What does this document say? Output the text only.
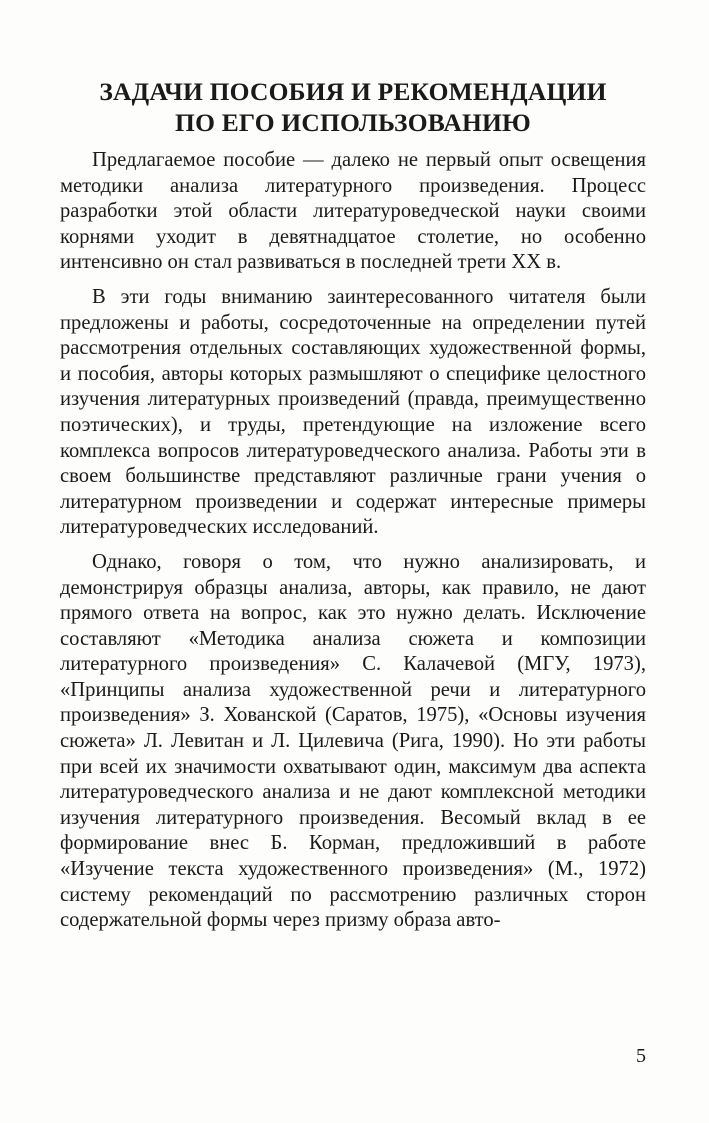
ЗАДАЧИ ПОСОБИЯ И РЕКОМЕНДАЦИИ
ПО ЕГО ИСПОЛЬЗОВАНИЮ

Предлагаемое пособие — далеко не первый опыт освещения методики анализа литературного произведения. Процесс разработки этой области литературоведческой науки своими корнями уходит в девятнадцатое столетие, но особенно интенсивно он стал развиваться в последней трети XX в.

В эти годы вниманию заинтересованного читателя были предложены и работы, сосредоточенные на определении путей рассмотрения отдельных составляющих художественной формы, и пособия, авторы которых размышляют о специфике целостного изучения литературных произведений (правда, преимущественно поэтических), и труды, претендующие на изложение всего комплекса вопросов литературоведческого анализа. Работы эти в своем большинстве представляют различные грани учения о литературном произведении и содержат интересные примеры литературоведческих исследований.

Однако, говоря о том, что нужно анализировать, и демонстрируя образцы анализа, авторы, как правило, не дают прямого ответа на вопрос, как это нужно делать. Исключение составляют «Методика анализа сюжета и композиции литературного произведения» С. Калачевой (МГУ, 1973), «Принципы анализа художественной речи и литературного произведения» З. Хованской (Саратов, 1975), «Основы изучения сюжета» Л. Левитан и Л. Цилевича (Рига, 1990). Но эти работы при всей их значимости охватывают один, максимум два аспекта литературоведческого анализа и не дают комплексной методики изучения литературного произведения. Весомый вклад в ее формирование внес Б. Корман, предложивший в работе «Изучение текста художественного произведения» (М., 1972) систему рекомендаций по рассмотрению различных сторон содержательной формы через призму образа авто-

5
